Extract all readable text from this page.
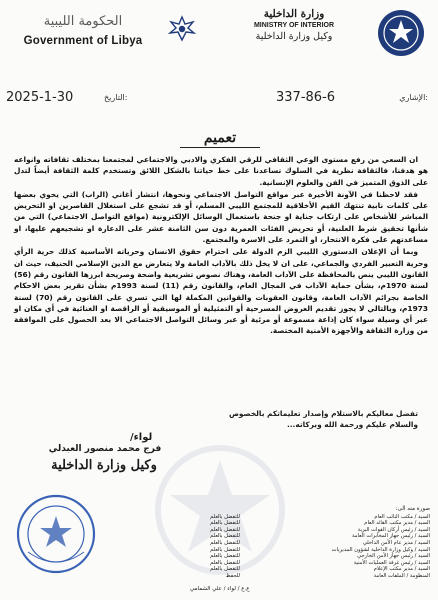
الحكومة الليبية
Government of Libya
وزارة الداخلية
MINISTRY OF INTERIOR
وكيل وزارة الداخلية
2025-1-30	التاريخ:	337-86-6	الإشاري:
تعميم

ان السعي من رفع مستوى الوعي الثقافي للرقي الفكري والادبي والاجتماعي لمجتمعنا بمختلف ثقافاته وانواعه هو هدفنا، فالثقافة نظرية في السلوك تساعدنا على خط حياتنا بالشكل اللائق وتستخدم كلمة الثقافة أيضاً لتدل على الذوق المتميز في الفن والعلوم الإنسانية.

فقد لاحظنا في الآونة الأخيرة عبر مواقع التواصل الاجتماعي ونحوها، انتشار أغاني (الراب) التي يحوي بعضها على كلمات نابية تنتهك القيم الأخلاقية للمجتمع الليبي المسلم، أو قد تشجع على استغلال القاصرين او التحريض المباشر للأشخاص على ارتكاب جناية او جنحة باستعمال الوسائل الإلكترونية (مواقع التواصل الاجتماعي) التي من شأنها تحقيق شرط العلنية، أو تحريض الفئات العمرية دون سن الثامنة عشر على الدعارة او تشجيعهم عليها، او مساعدتهم على فكرة الانتحار، او التمرد على الاسرة والمجتمع.

وبما أن الإعلان الدستوري الليبي الزم الدولة على احترام حقوق الانسان وحرياته الأساسية كذلك حرية الرأي وحرية التعبير الفردي والجماعي، على ان لا يخل ذلك بالآداب العامة ولا يتعارض مع الدين الإسلامي الحنيف، حيث ان القانون الليبي ينص بالمحافظة على الآداب العامة، وهناك نصوص تشريعية واضحة وصريحة ابرزها القانون رقم (56) لسنة 1970م، بشأن حماية الآداب في المجال العام، والقانون رقم (11) لسنة 1993م بشأن تقرير بعض الاحكام الخاصة بجرائم الآداب العامة، وقانون العقوبات والقوانين المكملة لها التي تسري على القانون رقم (70) لسنة 1973م، وبالتالي لا يجوز تقديم العروض المسرحية أو التمثيلية أو الموسيقية أو الراقصة او الغنائية في أي مكان او عبر أي وسيلة سواء كان إذاعة مسموعة أو مرئية أو عبر وسائل التواصل الاجتماعي الا بعد الحصول على الموافقة من وزارة الثقافة والأجهزة الأمنية المختصة.

تفضل معاليكم بالاستلام وإصدار تعليماتكم بالخصوص
والسلام عليكم ورحمة الله وبركاته...
لواء/
فرج محمد منصور العبدلي
وكيل وزارة الداخلية
صورة منه الى:
السيد / مكتب النائب العام
للتفضل بالعلم
السيد / مدير مكتب القائد العام
للتفضل بالعلم
السيد / رئيس أركان القوات البرية
للتفضل بالعلم
السيد / رئيس جهاز المخابرات العامة
للتفضل بالعلم
السيد / مدير عام الأمن الداخلي
للتفضل بالعلم
السيد / وكيل وزارة الداخلية لشؤون المديريات
للتفضل بالعلم
السيد / رئيس جهاز الأمن الخارجي
للتفضل بالعلم
السيد / رئيس غرفة العمليات الأمنية
للتفضل بالعلم
السيد / مدير مكتب الإعلام
للتفضل بالعلم
المنظومة / الملفات العامة
للحفظ
ع.ع / لواء / علي الشمامي
